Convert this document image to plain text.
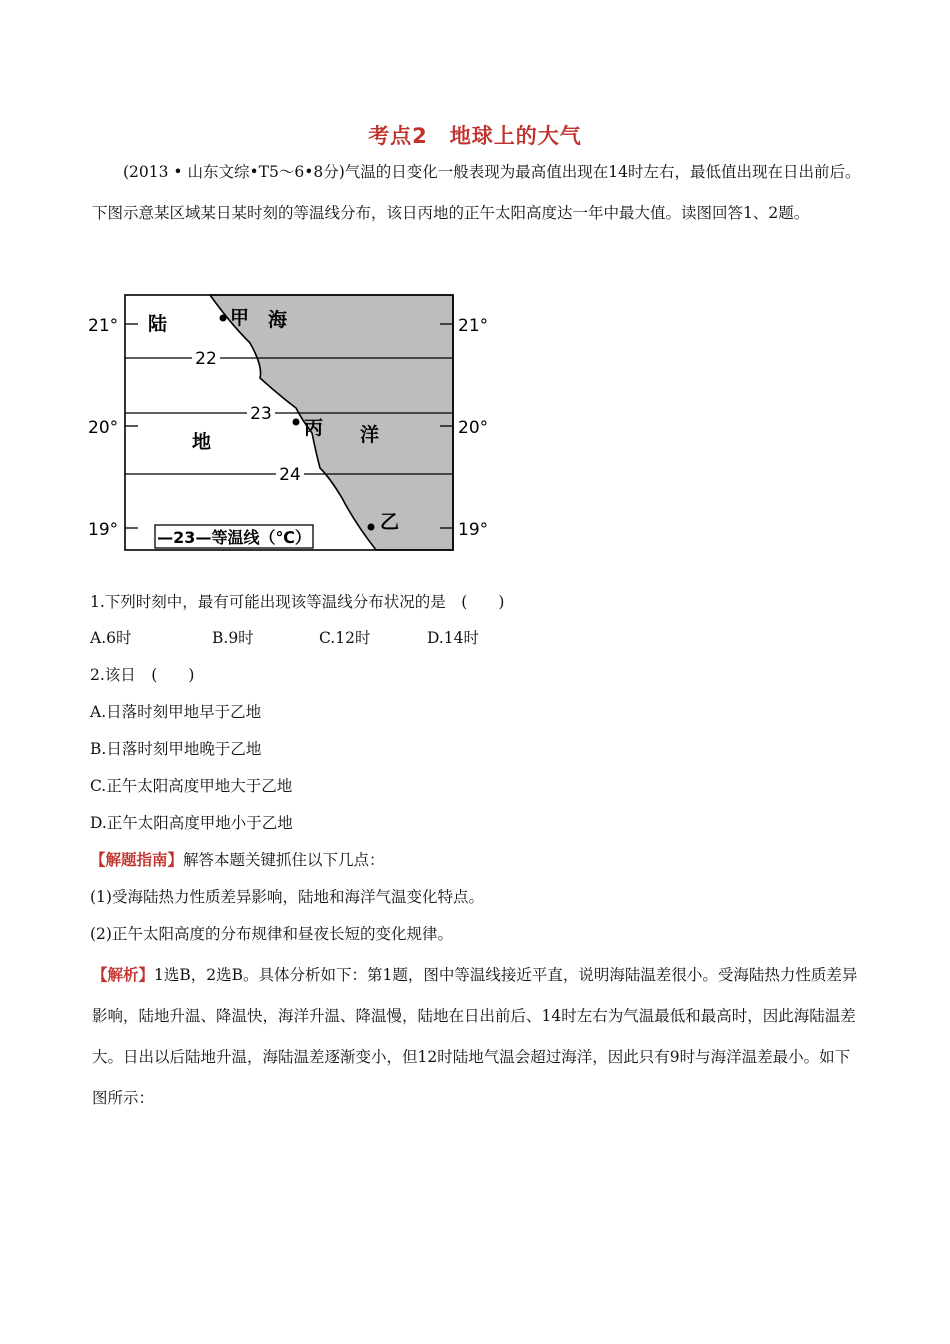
考点2　地球上的大气
(2013 • 山东文综•T5～6•8分)气温的日变化一般表现为最高值出现在14时左右，最低值出现在日出前后。下图示意某区域某日某时刻的等温线分布，该日丙地的正午太阳高度达一年中最大值。读图回答1、2题。
22
23
24
21°
20°
19°
21°
20°
19°
陆
地
海
洋
甲
丙
乙
—23—等温线（℃）
1.下列时刻中，最有可能出现该等温线分布状况的是　(　　)
A.6时	B.9时	C.12时	D.14时
2.该日　(　　)
A.日落时刻甲地早于乙地
B.日落时刻甲地晚于乙地
C.正午太阳高度甲地大于乙地
D.正午太阳高度甲地小于乙地
【解题指南】解答本题关键抓住以下几点：
(1)受海陆热力性质差异影响，陆地和海洋气温变化特点。
(2)正午太阳高度的分布规律和昼夜长短的变化规律。
【解析】1选B，2选B。具体分析如下：第1题，图中等温线接近平直，说明海陆温差很小。受海陆热力性质差异影响，陆地升温、降温快，海洋升温、降温慢，陆地在日出前后、14时左右为气温最低和最高时，因此海陆温差大。日出以后陆地升温，海陆温差逐渐变小，但12时陆地气温会超过海洋，因此只有9时与海洋温差最小。如下图所示：
